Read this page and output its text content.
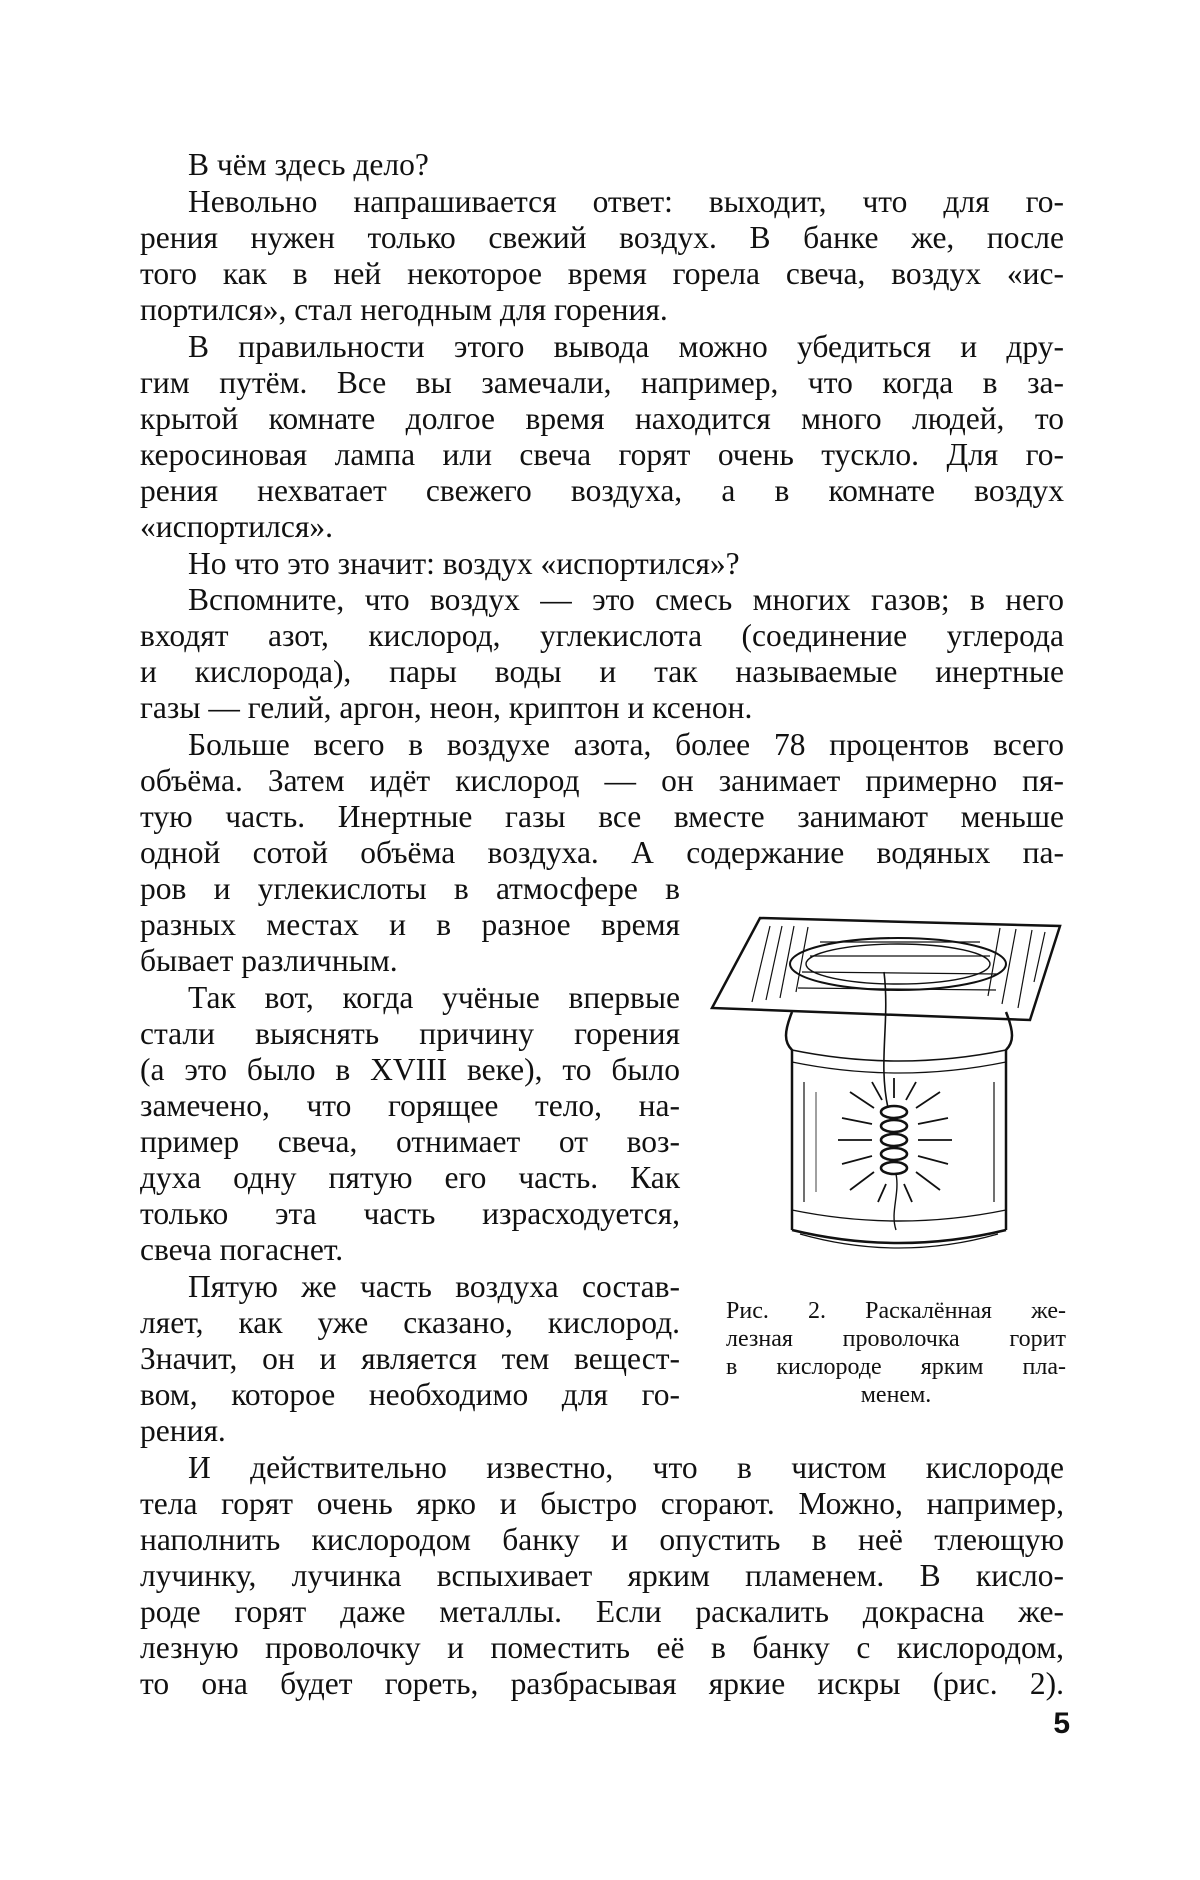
В чём здесь дело?
Невольно напрашивается ответ: выходит, что для го-
рения нужен только свежий воздух. В банке же, после
того как в ней некоторое время горела свеча, воздух «ис-
портился», стал негодным для горения.
В правильности этого вывода можно убедиться и дру-
гим путём. Все вы замечали, например, что когда в за-
крытой комнате долгое время находится много людей, то
керосиновая лампа или свеча горят очень тускло. Для го-
рения нехватает свежего воздуха, а в комнате воздух
«испортился».
Но что это значит: воздух «испортился»?
Вспомните, что воздух — это смесь многих газов; в него
входят азот, кислород, углекислота (соединение углерода
и кислорода), пары воды и так называемые инертные
газы — гелий, аргон, неон, криптон и ксенон.
Больше всего в воздухе азота, более 78 процентов всего
объёма. Затем идёт кислород — он занимает примерно пя-
тую часть. Инертные газы все вместе занимают меньше
одной сотой объёма воздуха. А содержание водяных па-
ров и углекислоты в атмосфере в
разных местах и в разное время
бывает различным.
Так вот, когда учёные впервые
стали выяснять причину горения
(а это было в XVIII веке), то было
замечено, что горящее тело, на-
пример свеча, отнимает от воз-
духа одну пятую его часть. Как
только эта часть израсходуется,
свеча погаснет.
Пятую же часть воздуха состав-
ляет, как уже сказано, кислород.
Значит, он и является тем вещест-
вом, которое необходимо для го-
рения.
И действительно известно, что в чистом кислороде
тела горят очень ярко и быстро сгорают. Можно, например,
наполнить кислородом банку и опустить в неё тлеющую
лучинку, лучинка вспыхивает ярким пламенем. В кисло-
роде горят даже металлы. Если раскалить докрасна же-
лезную проволочку и поместить её в банку с кислородом,
то она будет гореть, разбрасывая яркие искры (рис. 2).
Рис. 2. Раскалённая же-
лезная проволочка горит
в кислороде ярким пла-
менем.
5
